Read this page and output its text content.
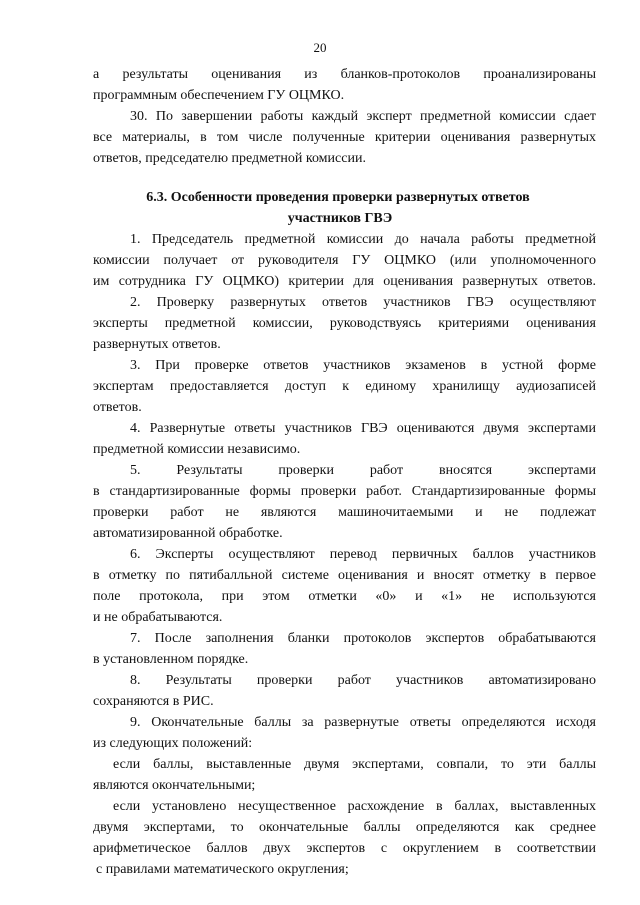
20
а результаты оценивания из бланков-протоколов проанализированы
программным обеспечением ГУ ОЦМКО.
30. По завершении работы каждый эксперт предметной комиссии сдает
все материалы, в том числе полученные критерии оценивания развернутых
ответов, председателю предметной комиссии.
6.3. Особенности проведения проверки развернутых ответов
участников ГВЭ
1. Председатель предметной комиссии до начала работы предметной
комиссии получает от руководителя ГУ ОЦМКО (или уполномоченного
им сотрудника ГУ ОЦМКО) критерии для оценивания развернутых ответов.
2. Проверку развернутых ответов участников ГВЭ осуществляют
эксперты предметной комиссии, руководствуясь критериями оценивания
развернутых ответов.
3. При проверке ответов участников экзаменов в устной форме
экспертам предоставляется доступ к единому хранилищу аудиозаписей
ответов.
4. Развернутые ответы участников ГВЭ оцениваются двумя экспертами
предметной комиссии независимо.
5. Результаты проверки работ вносятся экспертами
в стандартизированные формы проверки работ. Стандартизированные формы
проверки работ не являются машиночитаемыми и не подлежат
автоматизированной обработке.
6. Эксперты осуществляют перевод первичных баллов участников
в отметку по пятибалльной системе оценивания и вносят отметку в первое
поле протокола, при этом отметки «0» и «1» не используются
и не обрабатываются.
7. После заполнения бланки протоколов экспертов обрабатываются
в установленном порядке.
8. Результаты проверки работ участников автоматизировано
сохраняются в РИС.
9. Окончательные баллы за развернутые ответы определяются исходя
из следующих положений:
если баллы, выставленные двумя экспертами, совпали, то эти баллы
являются окончательными;
если установлено несущественное расхождение в баллах, выставленных
двумя экспертами, то окончательные баллы определяются как среднее
арифметическое баллов двух экспертов с округлением в соответствии
с правилами математического округления;
